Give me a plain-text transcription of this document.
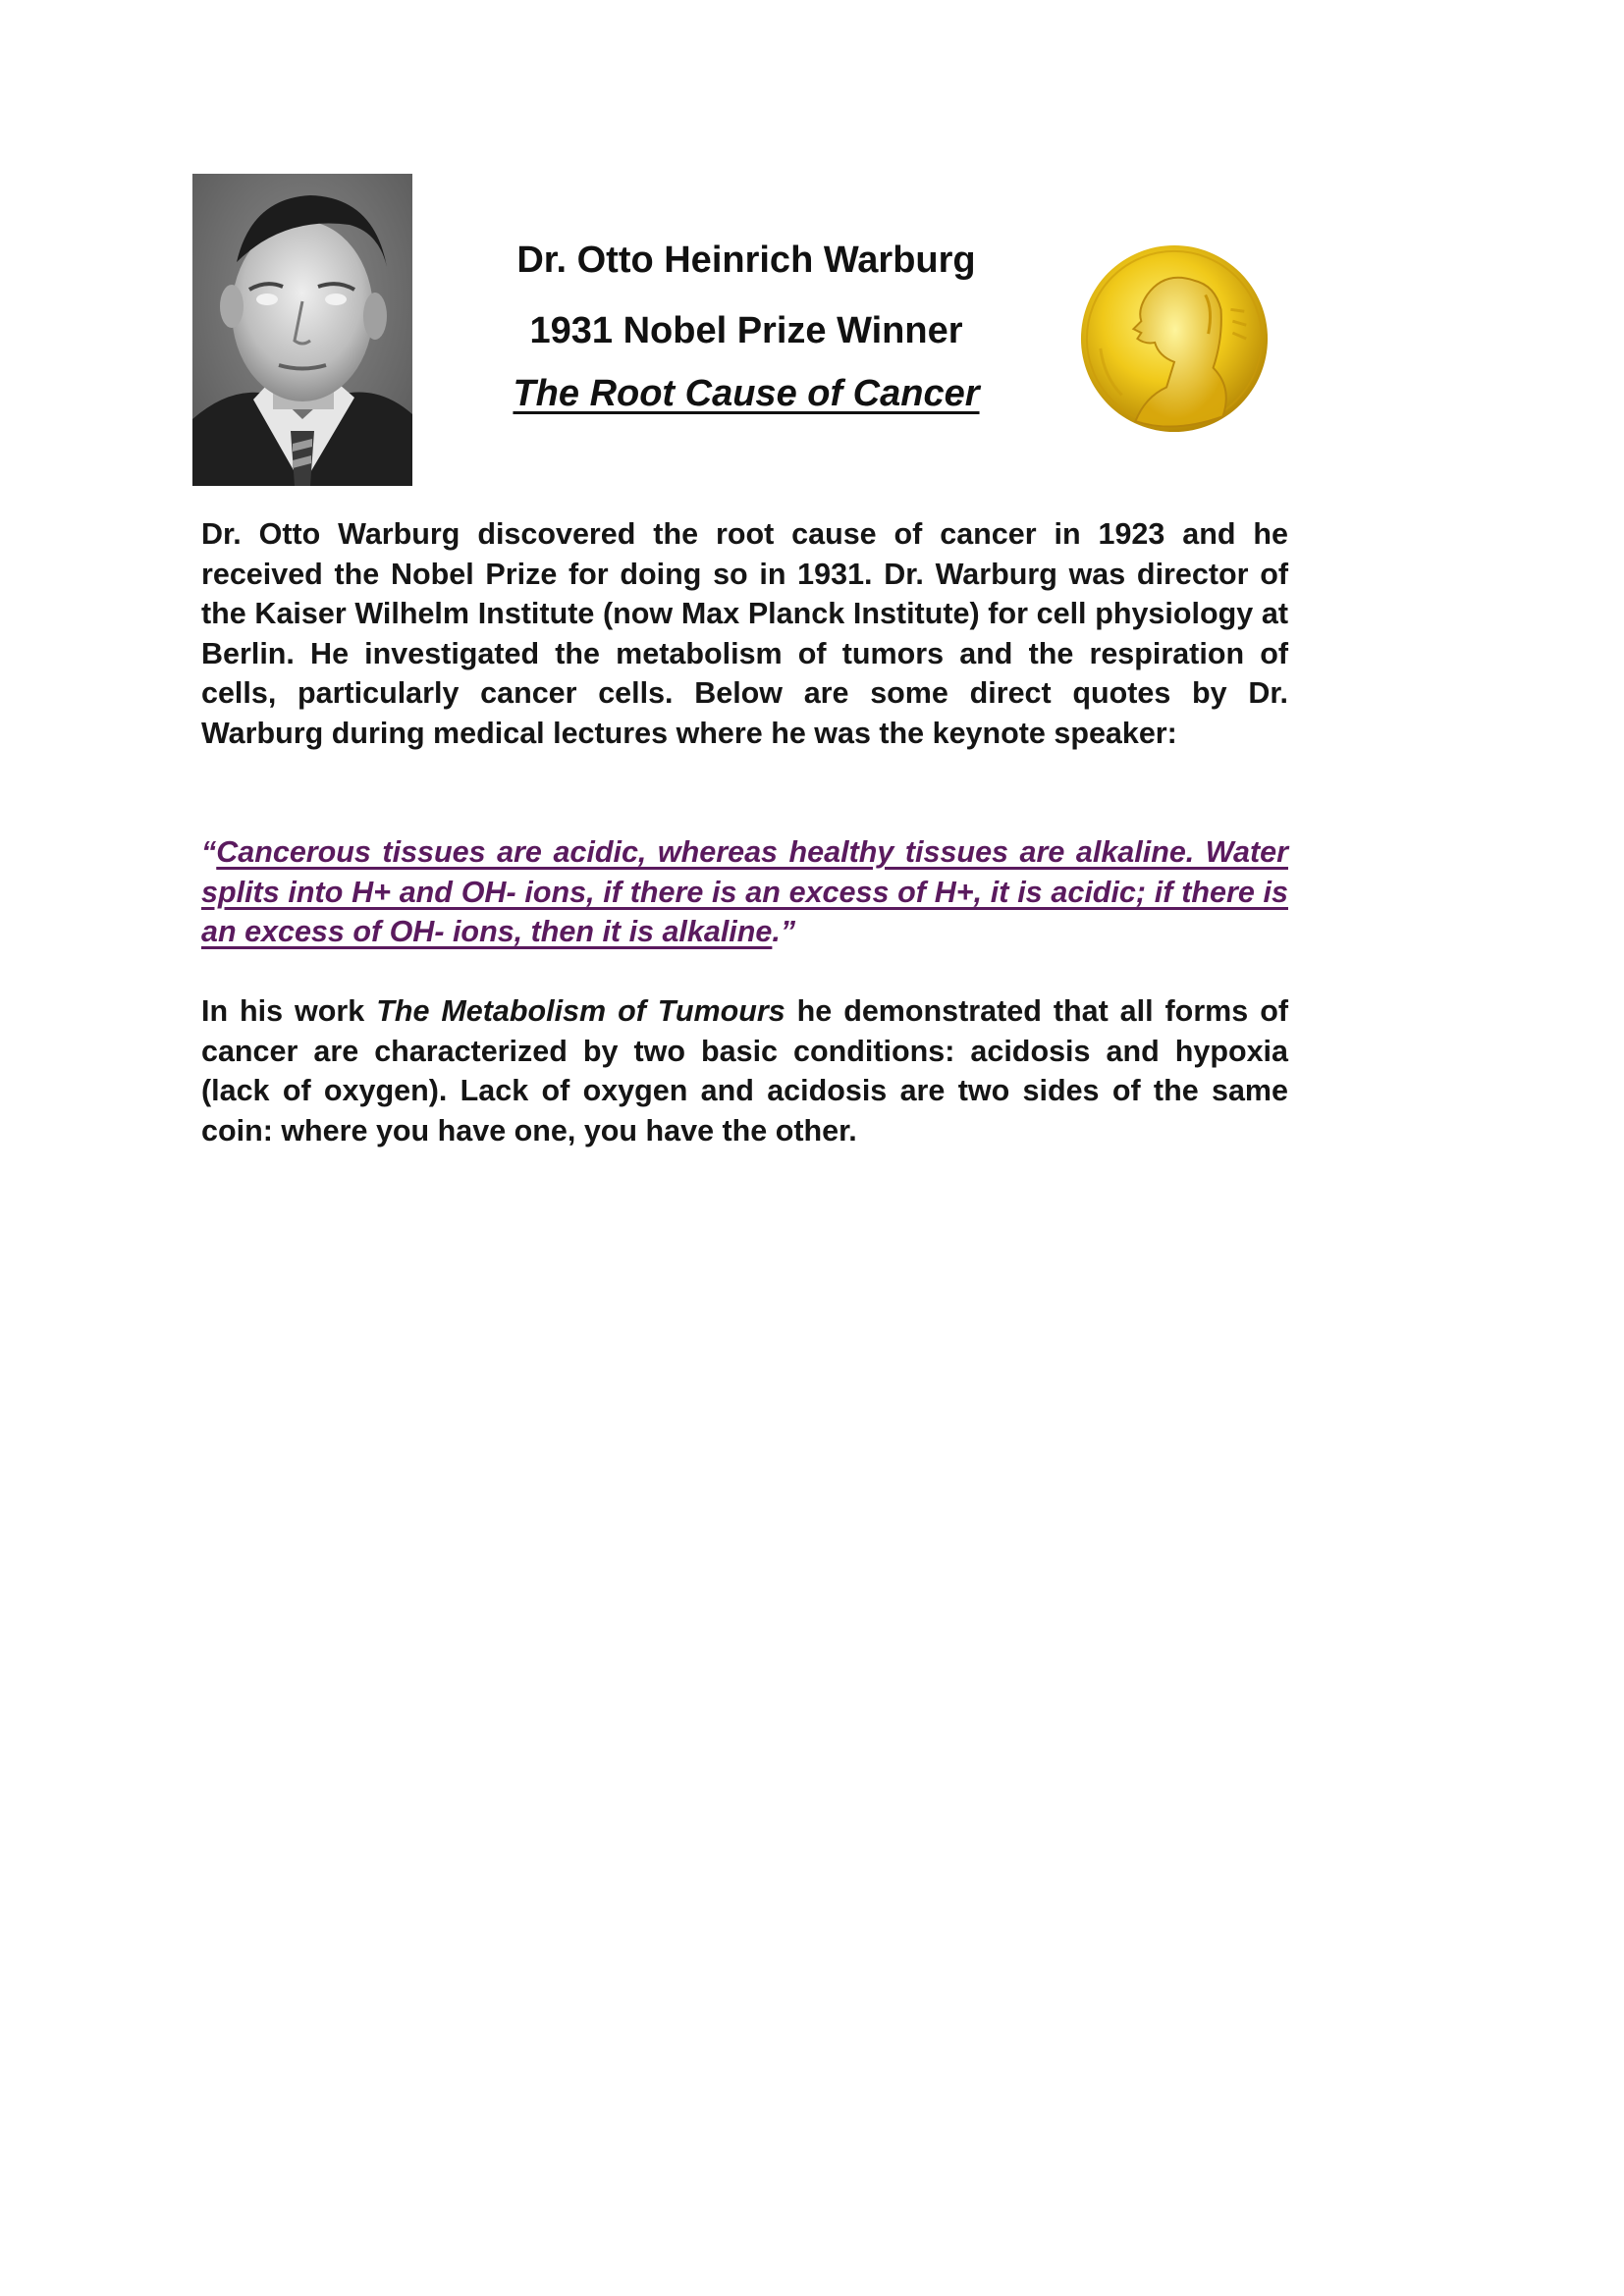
Dr. Otto Heinrich Warburg
1931 Nobel Prize Winner
The Root Cause of Cancer

Dr. Otto Warburg discovered the root cause of cancer in 1923 and he received the Nobel Prize for doing so in 1931. Dr. Warburg was director of the Kaiser Wilhelm Institute (now Max Planck Institute) for cell physiology at Berlin. He investigated the metabolism of tumors and the respiration of cells, particularly cancer cells. Below are some direct quotes by Dr. Warburg during medical lectures where he was the keynote speaker:

“Cancerous tissues are acidic, whereas healthy tissues are alkaline. Water splits into H+ and OH- ions, if there is an excess of H+, it is acidic; if there is an excess of OH- ions, then it is alkaline.”

In his work The Metabolism of Tumours he demonstrated that all forms of cancer are characterized by two basic conditions: acidosis and hypoxia (lack of oxygen). Lack of oxygen and acidosis are two sides of the same coin: where you have one, you have the other.
